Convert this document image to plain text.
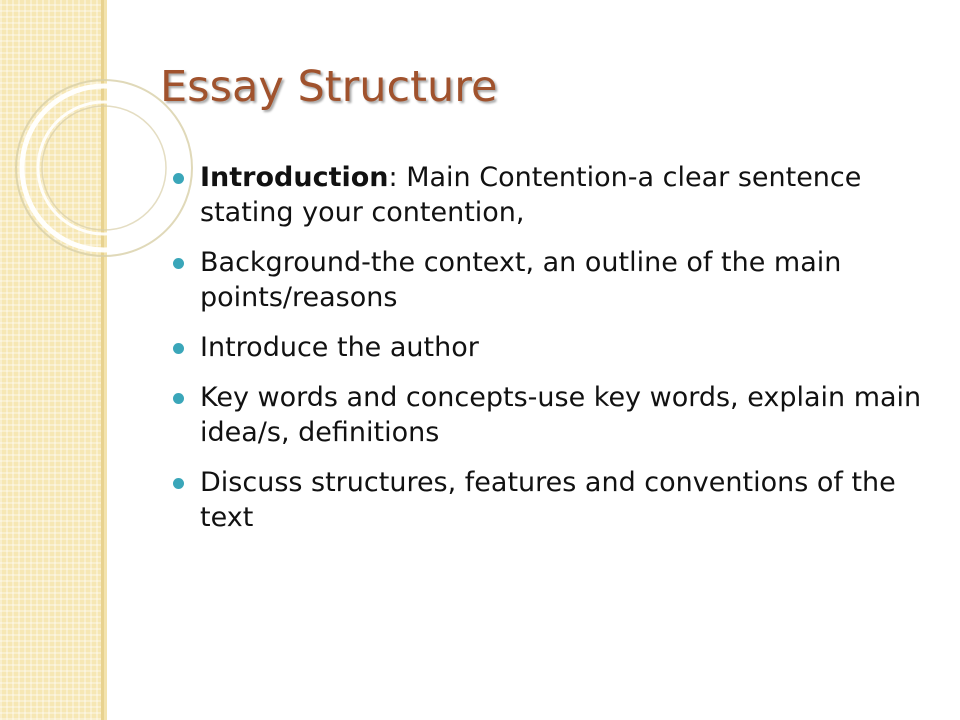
Essay Structure
Introduction: Main Contention-a clear sentence stating your contention,
Background-the context, an outline of the main points/reasons
Introduce the author
Key words and concepts-use key words, explain main idea/s, definitions
Discuss structures, features and conventions of the text
